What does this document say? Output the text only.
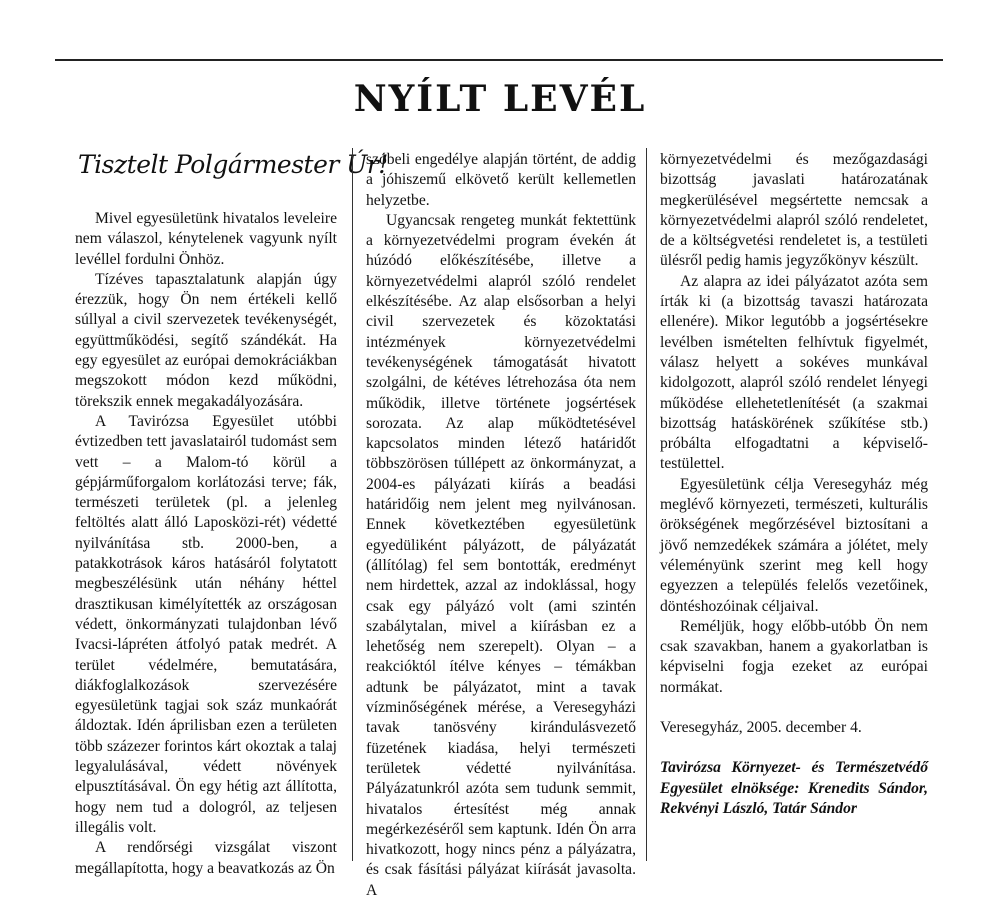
NYÍLT LEVÉL
Tisztelt Polgármester Úr!

Mivel egyesületünk hivatalos leveleire nem válaszol, kénytelenek vagyunk nyílt levéllel fordulni Önhöz.

Tízéves tapasztalatunk alapján úgy érezzük, hogy Ön nem értékeli kellő súllyal a civil szervezetek tevékenységét, együttműködési, segítő szándékát. Ha egy egyesület az európai demokráciákban megszokott módon kezd működni, törekszik ennek megakadályozására.

A Tavirózsa Egyesület utóbbi évtizedben tett javaslatairól tudomást sem vett – a Malom-tó körül a gépjárműforgalom korlátozási terve; fák, természeti területek (pl. a jelenleg feltöltés alatt álló Laposközi-rét) védetté nyilvánítása stb. 2000-ben, a patakkotrások káros hatásáról folytatott megbeszélésünk után néhány héttel drasztikusan kimélyítették az országosan védett, önkormányzati tulajdonban lévő Ivacsi-lápréten átfolyó patak medrét. A terület védelmére, bemutatására, diákfoglalkozások szervezésére egyesületünk tagjai sok száz munkaórát áldoztak. Idén áprilisban ezen a területen több százezer forintos kárt okoztak a talaj legyalulásával, védett növények elpusztításával. Ön egy hétig azt állította, hogy nem tud a dologról, az teljesen illegális volt.

A rendőrségi vizsgálat viszont megállapította, hogy a beavatkozás az Ön

szóbeli engedélye alapján történt, de addig a jóhiszemű elkövető került kellemetlen helyzetbe.

Ugyancsak rengeteg munkát fektettünk a környezetvédelmi program évekén át húzódó előkészítésébe, illetve a környezetvédelmi alapról szóló rendelet elkészítésébe. Az alap elsősorban a helyi civil szervezetek és közoktatási intézmények környezetvédelmi tevékenységének támogatását hivatott szolgálni, de kétéves létrehozása óta nem működik, illetve története jogsértések sorozata. Az alap működtetésével kapcsolatos minden létező határidőt többszörösen túllépett az önkormányzat, a 2004-es pályázati kiírás a beadási határidőig nem jelent meg nyilvánosan. Ennek következtében egyesületünk egyedüliként pályázott, de pályázatát (állítólag) fel sem bontották, eredményt nem hirdettek, azzal az indoklással, hogy csak egy pályázó volt (ami szintén szabálytalan, mivel a kiírásban ez a lehetőség nem szerepelt). Olyan – a reakcióktól ítélve kényes – témákban adtunk be pályázatot, mint a tavak vízminőségének mérése, a Veresegyházi tavak tanösvény kirándulásvezető füzetének kiadása, helyi természeti területek védetté nyilvánítása. Pályázatunkról azóta sem tudunk semmit, hivatalos értesítést még annak megérkezéséről sem kaptunk. Idén Ön arra hivatkozott, hogy nincs pénz a pályázatra, és csak fásítási pályázat kiírását javasolta. A

környezetvédelmi és mezőgazdasági bizottság javaslati határozatának megkerülésével megsértette nemcsak a környezetvédelmi alapról szóló rendeletet, de a költségvetési rendeletet is, a testületi ülésről pedig hamis jegyzőkönyv készült.

Az alapra az idei pályázatot azóta sem írták ki (a bizottság tavaszi határozata ellenére). Mikor legutóbb a jogsértésekre levélben ismételten felhívtuk figyelmét, válasz helyett a sokéves munkával kidolgozott, alapról szóló rendelet lényegi működése ellehetetlenítését (a szakmai bizottság hatáskörének szűkítése stb.) próbálta elfogadtatni a képviselő-testülettel.

Egyesületünk célja Veresegyház még meglévő környezeti, természeti, kulturális örökségének megőrzésével biztosítani a jövő nemzedékek számára a jólétet, mely véleményünk szerint meg kell hogy egyezzen a település felelős vezetőinek, döntéshozóinak céljaival.

Reméljük, hogy előbb-utóbb Ön nem csak szavakban, hanem a gyakorlatban is képviselni fogja ezeket az európai normákat.

Veresegyház, 2005. december 4.

Tavirózsa Környezet- és Természetvédő Egyesület elnöksége: Krenedits Sándor, Rekvényi László, Tatár Sándor
